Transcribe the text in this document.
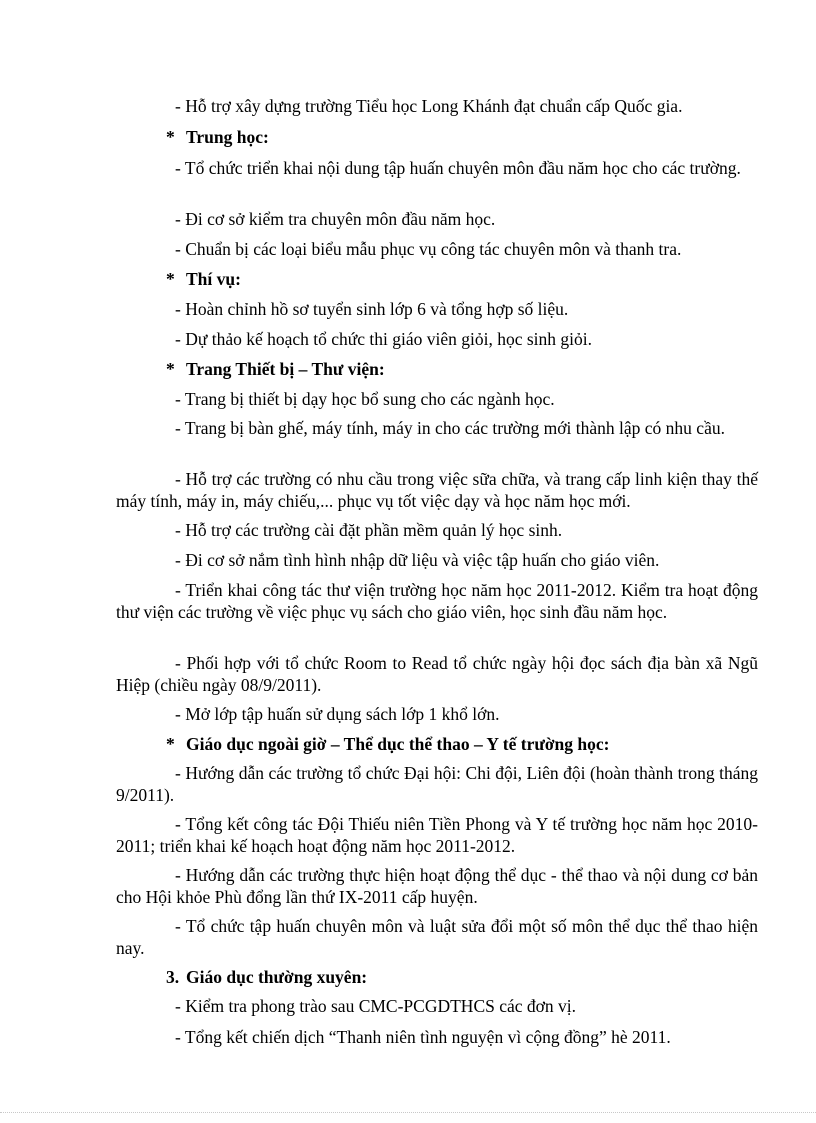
- Hỗ trợ xây dựng trường Tiểu học Long Khánh đạt chuẩn cấp Quốc gia.
* Trung học:
- Tổ chức triển khai nội dung tập huấn chuyên môn đầu năm học cho các trường.
- Đi cơ sở kiểm tra chuyên môn đầu năm học.
- Chuẩn bị các loại biểu mẫu phục vụ công tác chuyên môn và thanh tra.
* Thí vụ:
- Hoàn chỉnh hồ sơ tuyển sinh lớp 6 và tổng hợp số liệu.
- Dự thảo kế hoạch tổ chức thi giáo viên giỏi, học sinh giỏi.
* Trang Thiết bị – Thư viện:
- Trang bị thiết bị dạy học bổ sung cho các ngành học.
- Trang bị bàn ghế, máy tính, máy in cho các trường mới thành lập có nhu cầu.
- Hỗ trợ các trường có nhu cầu trong việc sữa chữa, và trang cấp linh kiện thay thế máy tính, máy in, máy chiếu,... phục vụ tốt việc dạy và học năm học mới.
- Hỗ trợ các trường cài đặt phần mềm quản lý học sinh.
- Đi cơ sở nắm tình hình nhập dữ liệu và việc tập huấn cho giáo viên.
- Triển khai công tác thư viện trường học năm học 2011-2012. Kiểm tra hoạt động thư viện các trường về việc phục vụ sách cho giáo viên, học sinh đầu năm học.
- Phối hợp với tổ chức Room to Read tổ chức ngày hội đọc sách địa bàn xã Ngũ Hiệp (chiều ngày 08/9/2011).
- Mở lớp tập huấn sử dụng sách lớp 1 khổ lớn.
* Giáo dục ngoài giờ – Thể dục thể thao – Y tế trường học:
- Hướng dẫn các trường tổ chức Đại hội: Chi đội, Liên đội (hoàn thành trong tháng 9/2011).
- Tổng kết công tác Đội Thiếu niên Tiền Phong và Y tế trường học năm học 2010-2011; triển khai kế hoạch hoạt động năm học 2011-2012.
- Hướng dẫn các trường thực hiện hoạt động thể dục - thể thao và nội dung cơ bản cho Hội khỏe Phù đổng lần thứ IX-2011 cấp huyện.
- Tổ chức tập huấn chuyên môn và luật sửa đổi một số môn thể dục thể thao hiện nay.
3. Giáo dục thường xuyên:
- Kiểm tra phong trào sau CMC-PCGDTHCS các đơn vị.
- Tổng kết chiến dịch “Thanh niên tình nguyện vì cộng đồng” hè 2011.
